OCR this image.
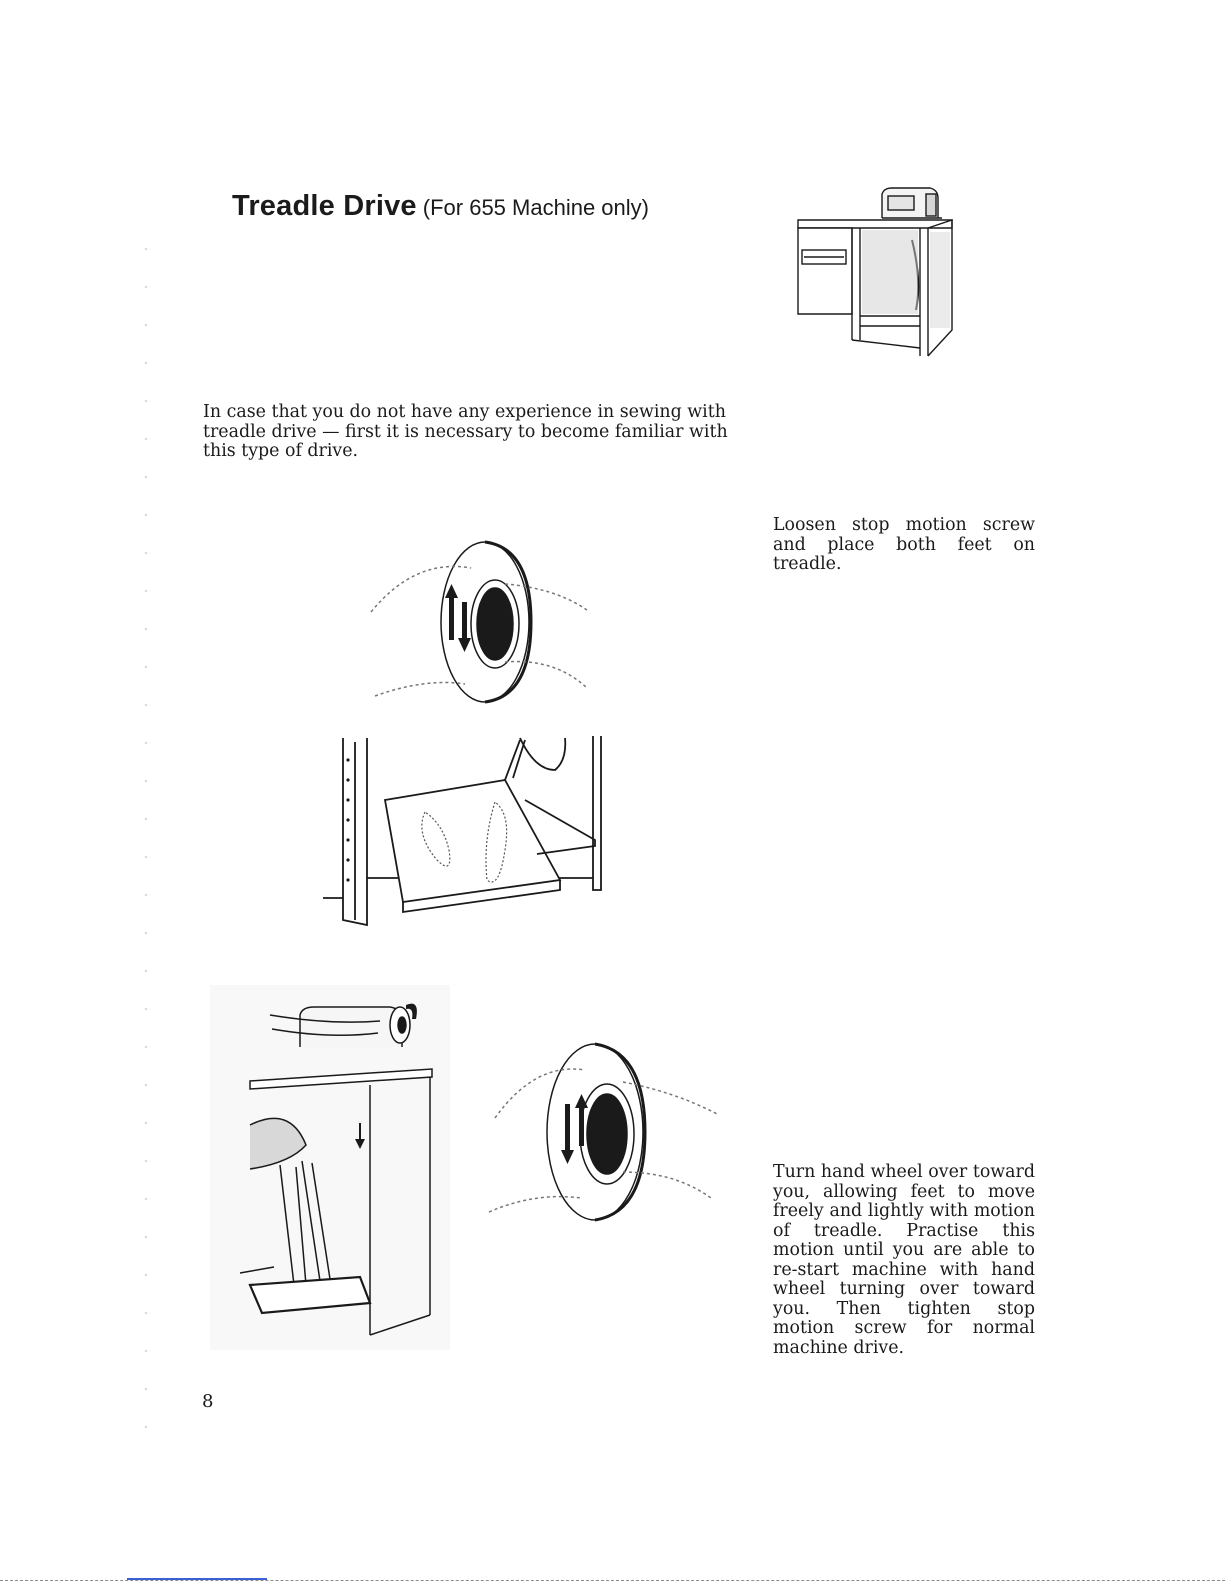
Treadle Drive (For 655 Machine only)

In case that you do not have any experience in sewing with treadle drive — first it is necessary to become familiar with this type of drive.

Loosen stop motion screw and place both feet on treadle.

Turn hand wheel over toward you, allowing feet to move freely and lightly with motion of treadle. Practise this motion until you are able to re-start machine with hand wheel turning over toward you. Then tighten stop motion screw for normal machine drive.

8
